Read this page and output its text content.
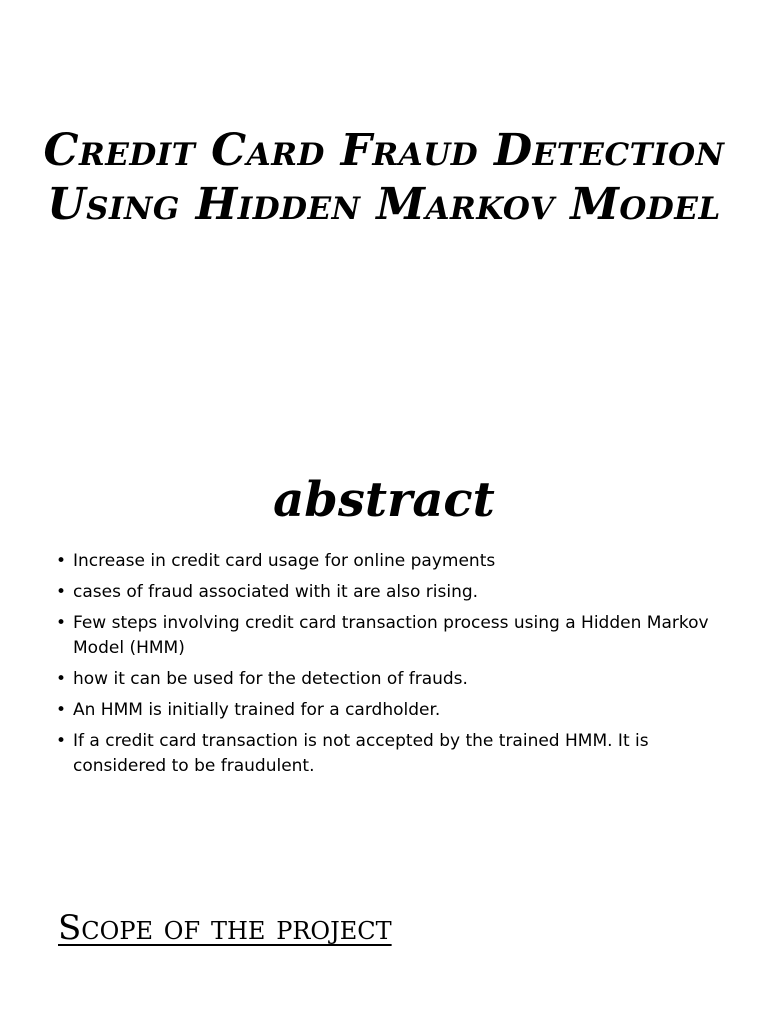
Credit Card Fraud Detection Using Hidden Markov Model
abstract
• Increase in credit card usage for online payments
• cases of fraud associated with it are also rising.
• Few steps involving credit card transaction process using a Hidden Markov Model (HMM)
• how it can be used for the detection of frauds.
• An HMM is initially trained for a cardholder.
• If a credit card transaction is not accepted by the trained HMM. It is considered to be fraudulent.
Scope of the project
